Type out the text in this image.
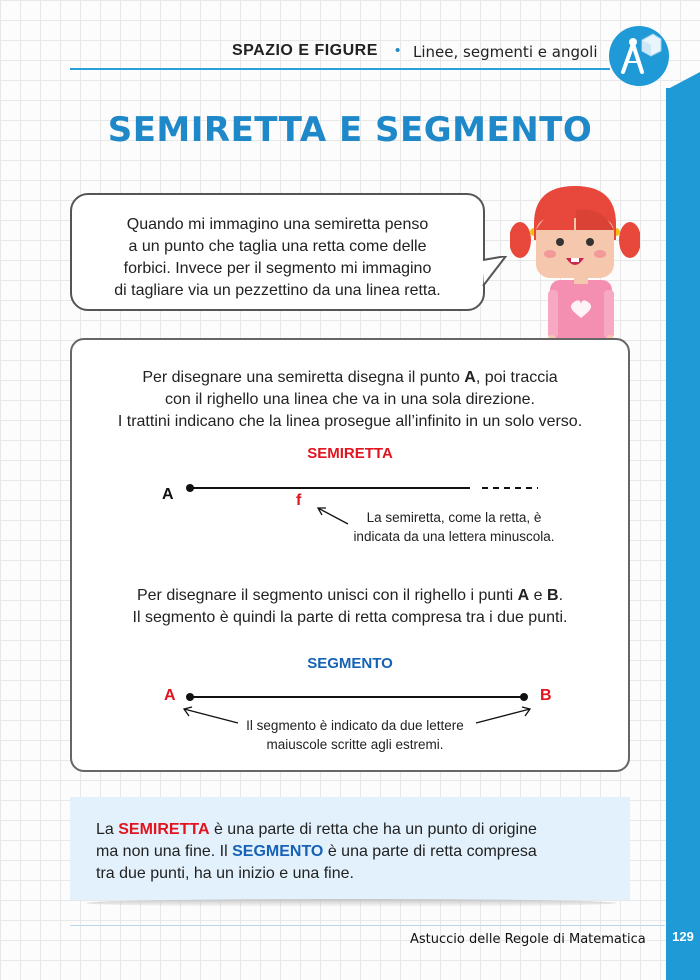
SPAZIO E FIGURE • Linee, segmenti e angoli
SEMIRETTA E SEGMENTO
Quando mi immagino una semiretta penso
a un punto che taglia una retta come delle
forbici. Invece per il segmento mi immagino
di tagliare via un pezzettino da una linea retta.
Per disegnare una semiretta disegna il punto A, poi traccia
con il righello una linea che va in una sola direzione.
I trattini indicano che la linea prosegue all’infinito in un solo verso.
SEMIRETTA
A	f
La semiretta, come la retta, è
indicata da una lettera minuscola.
Per disegnare il segmento unisci con il righello i punti A e B.
Il segmento è quindi la parte di retta compresa tra i due punti.
SEGMENTO
A	B
Il segmento è indicato da due lettere
maiuscole scritte agli estremi.
La SEMIRETTA è una parte di retta che ha un punto di origine
ma non una fine. Il SEGMENTO è una parte di retta compresa
tra due punti, ha un inizio e una fine.
Astuccio delle Regole di Matematica	129
